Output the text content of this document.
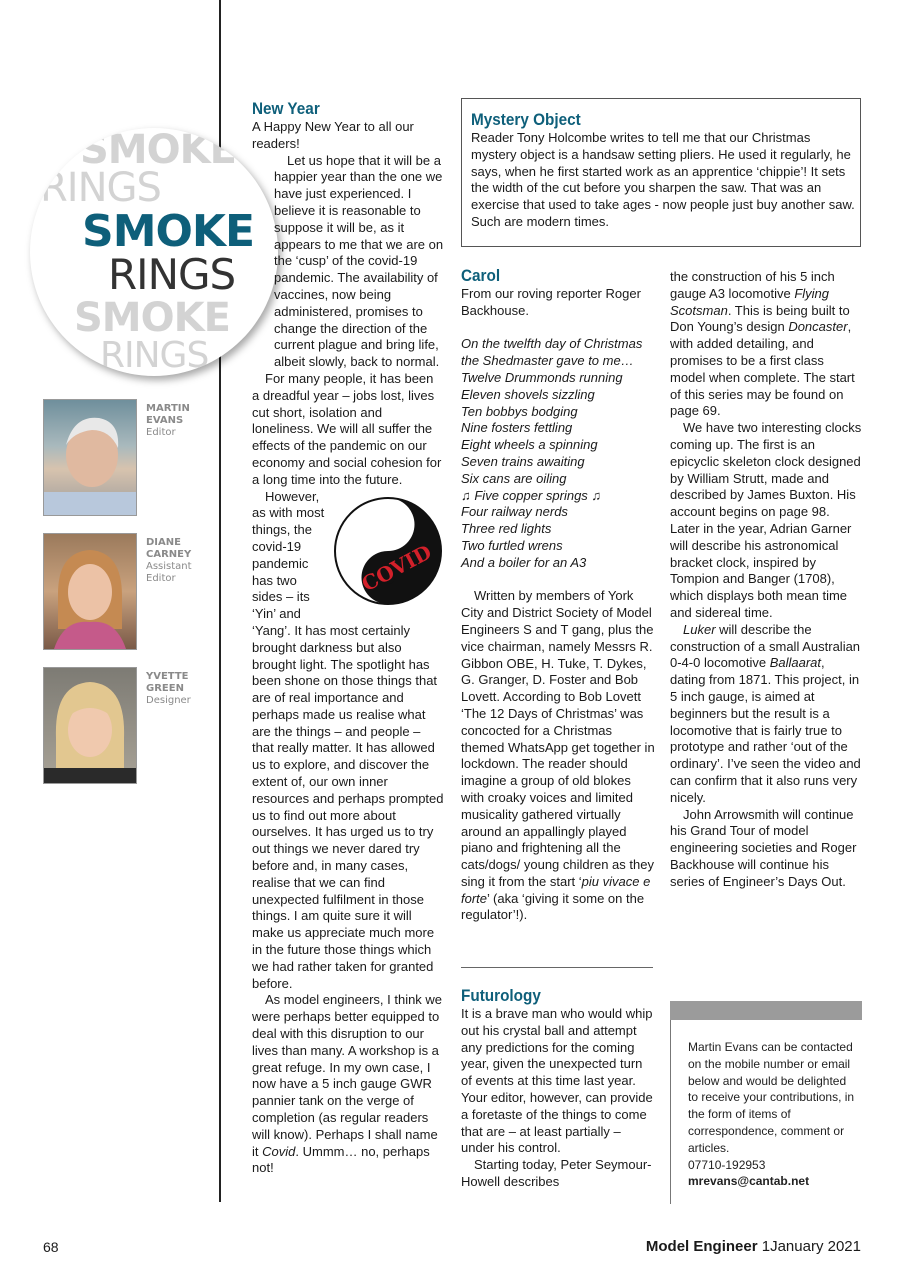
SMOKE
RINGS
SMOKE
RINGS
SMOKE
RINGS
MARTIN
EVANS
Editor
DIANE
CARNEY
Assistant Editor
YVETTE
GREEN
Designer
New Year

A Happy New Year to all our readers!

Let us hope that it will be a happier year than the one we have just experienced. I believe it is reasonable to suppose it will be, as it appears to me that we are on the ‘cusp’ of the covid-19 pandemic. The availability of vaccines, now being administered, promises to change the direction of the current plague and bring life, albeit slowly, back to normal.

For many people, it has been a dreadful year – jobs lost, lives cut short, isolation and loneliness. We will all suffer the effects of the pandemic on our economy and social cohesion for a long time into the future.

COVID

However, as with most things, the covid-19 pandemic has two sides – its ‘Yin’ and ‘Yang’. It has most certainly brought darkness but also brought light. The spotlight has been shone on those things that are of real importance and perhaps made us realise what are the things – and people – that really matter. It has allowed us to explore, and discover the extent of, our own inner resources and perhaps prompted us to find out more about ourselves. It has urged us to try out things we never dared try before and, in many cases, realise that we can find unexpected fulfilment in those things. I am quite sure it will make us appreciate much more in the future those things which we had rather taken for granted before.

As model engineers, I think we were perhaps better equipped to deal with this disruption to our lives than many. A workshop is a great refuge. In my own case, I now have a 5 inch gauge GWR pannier tank on the verge of completion (as regular readers will know). Perhaps I shall name it Covid. Ummm… no, perhaps not!

Mystery Object

Reader Tony Holcombe writes to tell me that our Christmas mystery object is a handsaw setting pliers. He used it regularly, he says, when he first started work as an apprentice ‘chippie’! It sets the width of the cut before you sharpen the saw. That was an exercise that used to take ages - now people just buy another saw. Such are modern times.

Carol

From our roving reporter Roger Backhouse.

On the twelfth day of Christmas
the Shedmaster gave to me…
Twelve Drummonds running
Eleven shovels sizzling
Ten bobbys bodging
Nine fosters fettling
Eight wheels a spinning
Seven trains awaiting
Six cans are oiling
♫ Five copper springs ♫
Four railway nerds
Three red lights
Two furtled wrens
And a boiler for an A3

Written by members of York City and District Society of Model Engineers S and T gang, plus the vice chairman, namely Messrs R. Gibbon OBE, H. Tuke, T. Dykes, G. Granger, D. Foster and Bob Lovett. According to Bob Lovett ‘The 12 Days of Christmas’ was concocted for a Christmas themed WhatsApp get together in lockdown. The reader should imagine a group of old blokes with croaky voices and limited musicality gathered virtually around an appallingly played piano and frightening all the cats/dogs/ young children as they sing it from the start ‘piu vivace e forte’ (aka ‘giving it some on the regulator’!).

Futurology

It is a brave man who would whip out his crystal ball and attempt any predictions for the coming year, given the unexpected turn of events at this time last year. Your editor, however, can provide a foretaste of the things to come that are – at least partially – under his control.

Starting today, Peter Seymour-Howell describes

the construction of his 5 inch gauge A3 locomotive Flying Scotsman. This is being built to Don Young’s design Doncaster, with added detailing, and promises to be a first class model when complete. The start of this series may be found on page 69.

We have two interesting clocks coming up. The first is an epicyclic skeleton clock designed by William Strutt, made and described by James Buxton. His account begins on page 98. Later in the year, Adrian Garner will describe his astronomical bracket clock, inspired by Tompion and Banger (1708), which displays both mean time and sidereal time.

Luker will describe the construction of a small Australian 0-4-0 locomotive Ballaarat, dating from 1871. This project, in 5 inch gauge, is aimed at beginners but the result is a locomotive that is fairly true to prototype and rather ‘out of the ordinary’. I’ve seen the video and can confirm that it also runs very nicely.

John Arrowsmith will continue his Grand Tour of model engineering societies and Roger Backhouse will continue his series of Engineer’s Days Out.

Martin Evans can be contacted on the mobile number or email below and would be delighted to receive your contributions, in the form of items of correspondence, comment or articles.
07710-192953
mrevans@cantab.net
68	Model Engineer 1January 2021
